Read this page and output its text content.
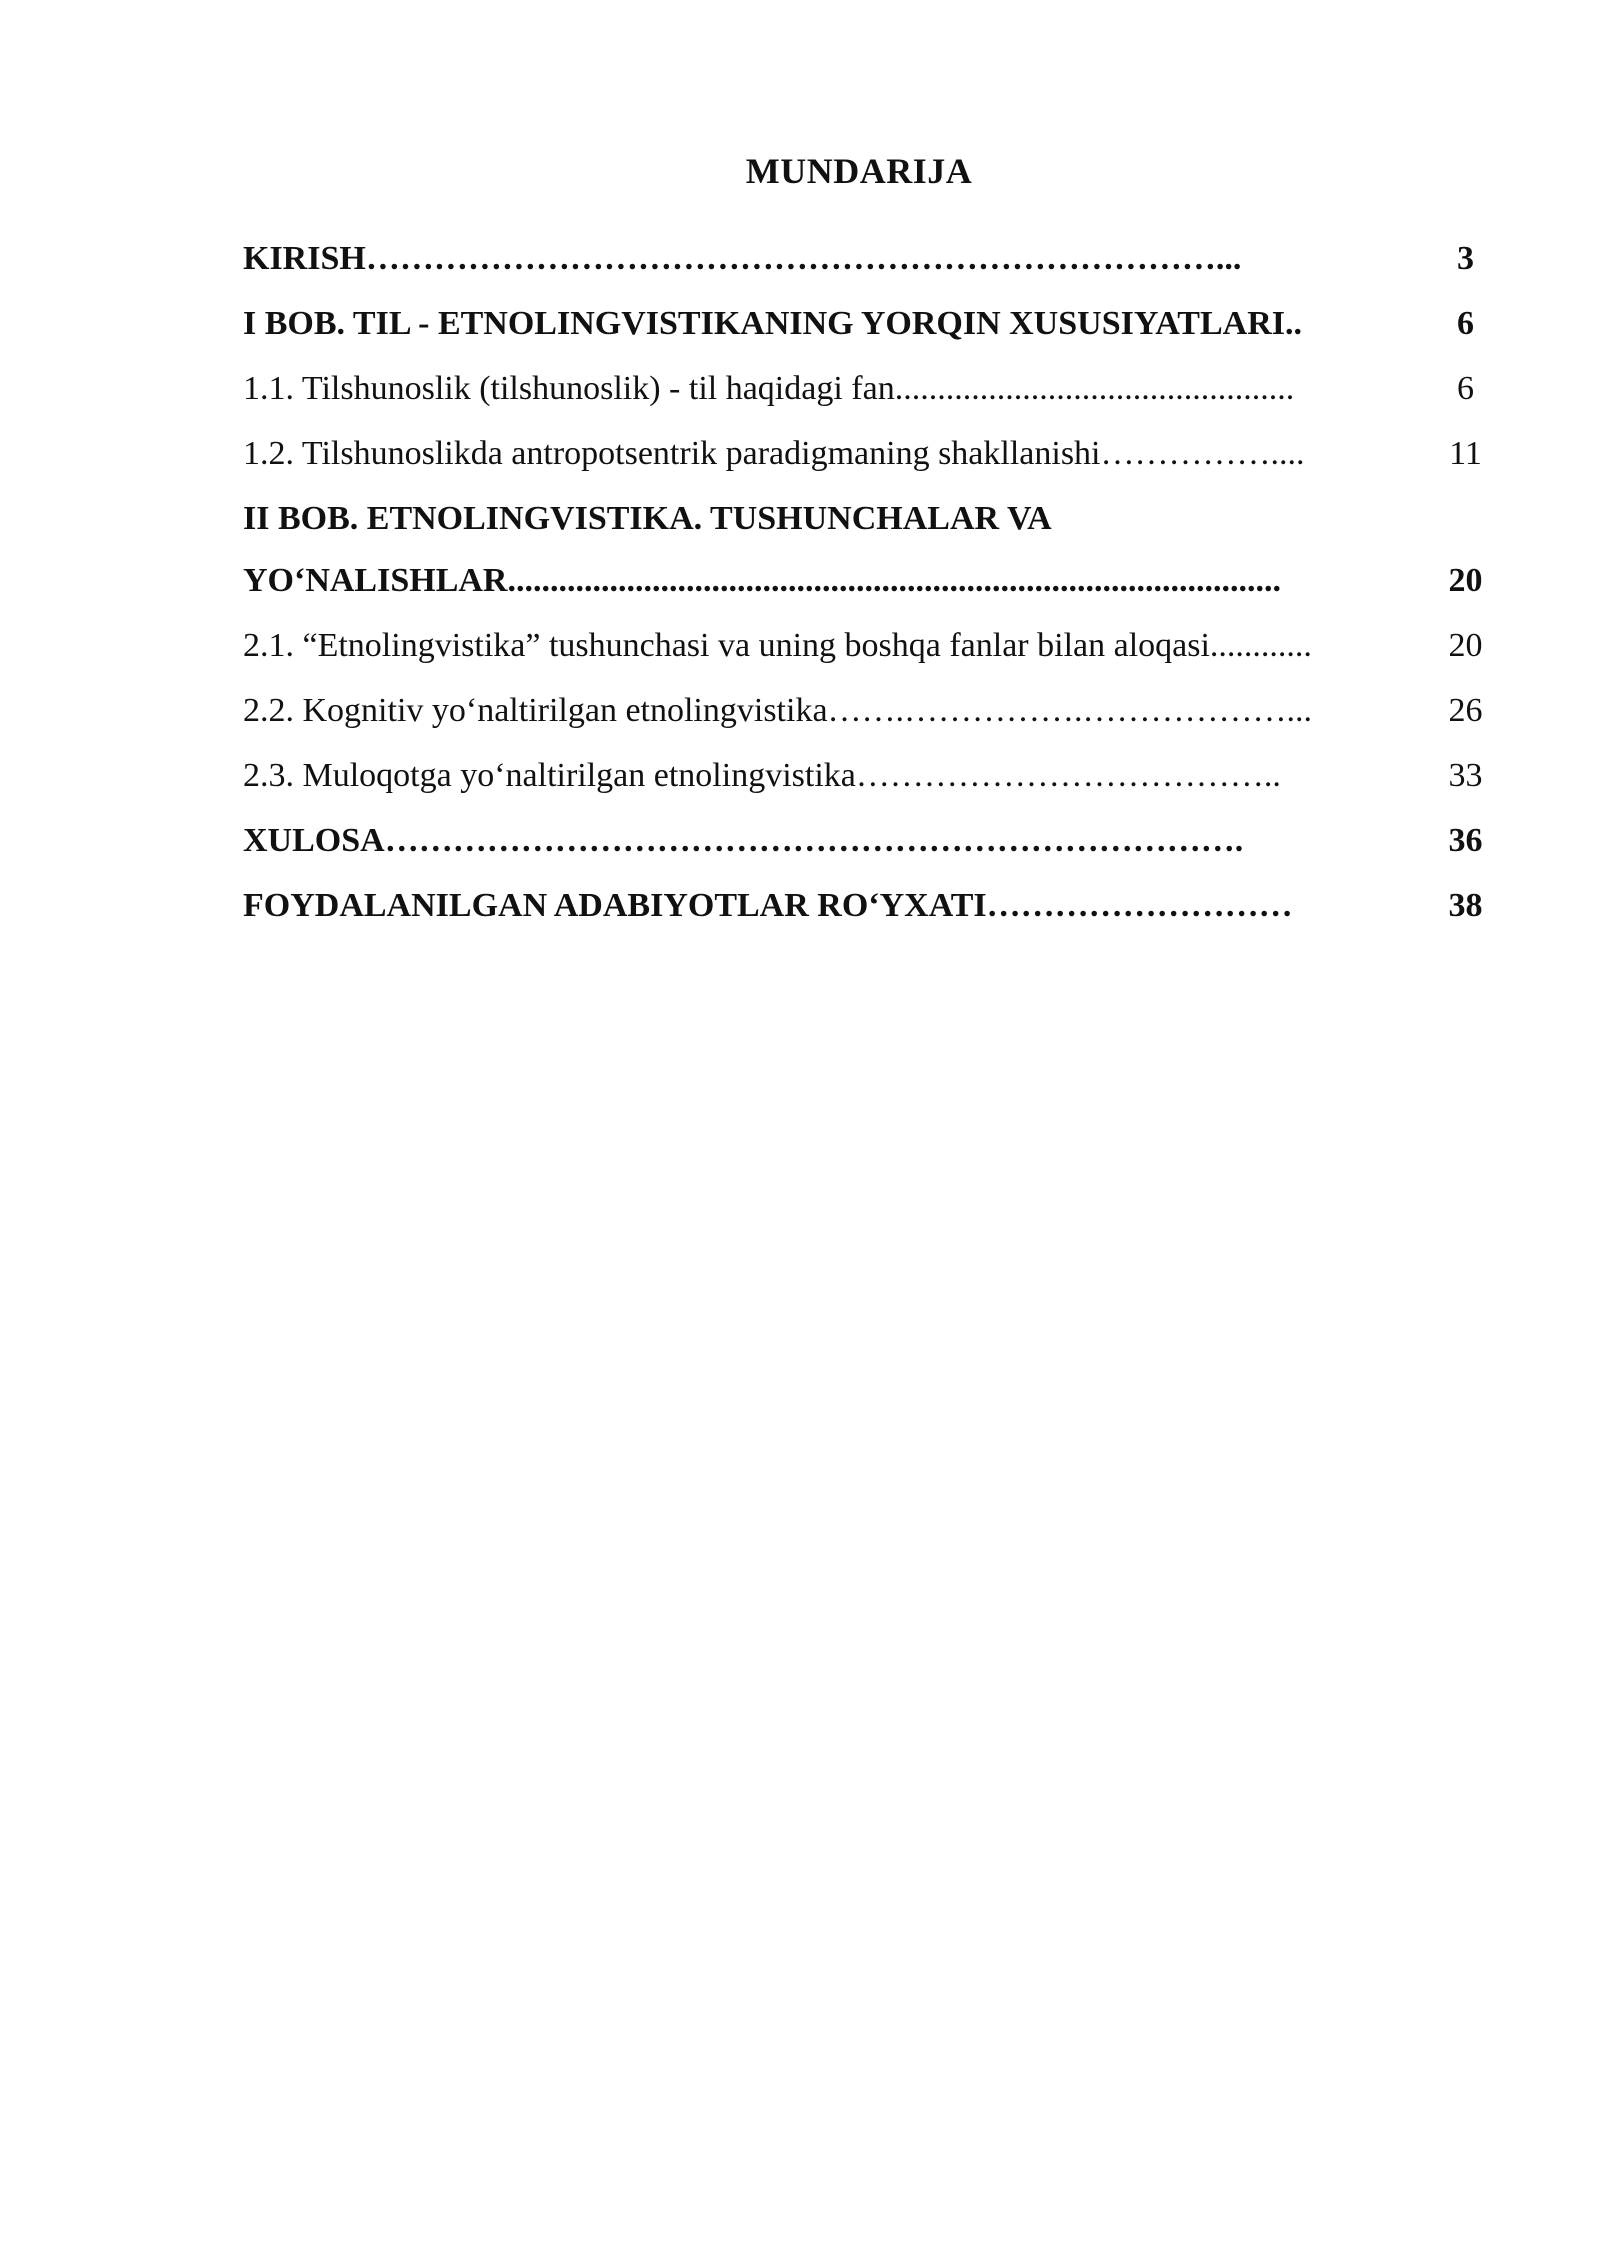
MUNDARIJA
KIRISH…………………………………………………………………...	3
I BOB. TIL - ETNOLINGVISTIKANING YORQIN XUSUSIYATLARI..	6
1.1. Tilshunoslik (tilshunoslik) - til haqidagi fan...............................................	6
1.2. Tilshunoslikda antropotsentrik paradigmaning shakllanishi……………....	11
II BOB. ETNOLINGVISTIKA. TUSHUNCHALAR VA
YO‘NALISHLAR...........................................................................................	20
2.1. “Etnolingvistika” tushunchasi va uning boshqa fanlar bilan aloqasi............	20
2.2. Kognitiv yo‘naltirilgan etnolingvistika…….…………….………………...	26
2.3. Muloqotga yo‘naltirilgan etnolingvistika………………………………..	33
XULOSA………………………………………………………………….	36
FOYDALANILGAN ADABIYOTLAR RO‘YXATI………………………	38
